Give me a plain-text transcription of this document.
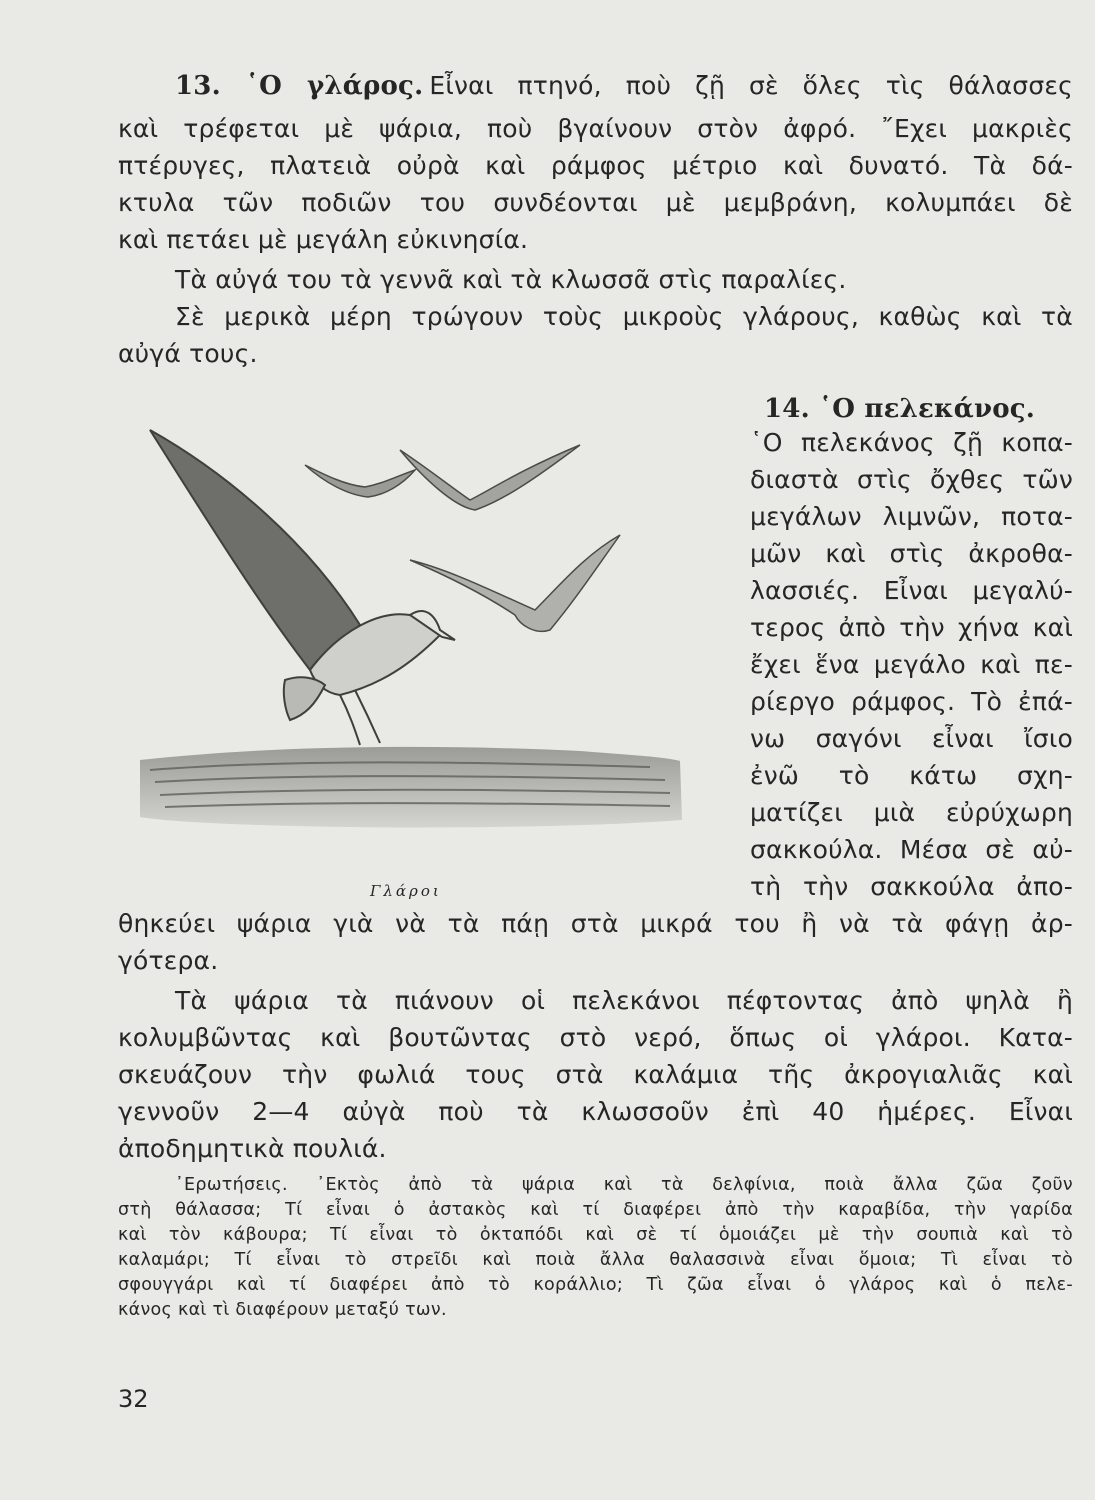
13. ῾Ο γλάρος. Εἶναι πτηνό, ποὺ ζῇ σὲ ὅλες τὶς θάλασσες
καὶ τρέφεται μὲ ψάρια, ποὺ βγαίνουν στὸν ἀφρό. ῎Εχει μακριὲς
πτέρυγες, πλατειὰ οὐρὰ καὶ ράμφος μέτριο καὶ δυνατό. Τὰ δά-
κτυλα τῶν ποδιῶν του συνδέονται μὲ μεμβράνη, κολυμπάει δὲ
καὶ πετάει μὲ μεγάλη εὐκινησία.
Τὰ αὐγά του τὰ γεννᾶ καὶ τὰ κλωσσᾶ στὶς παραλίες.
Σὲ μερικὰ μέρη τρώγουν τοὺς μικροὺς γλάρους, καθὼς καὶ τὰ
αὐγά τους.
14. ῾Ο πελεκάνος.
Γλάροι
῾Ο πελεκάνος ζῇ κοπα-
διαστὰ στὶς ὄχθες τῶν
μεγάλων λιμνῶν, ποτα-
μῶν καὶ στὶς ἀκροθα-
λασσιές. Εἶναι μεγαλύ-
τερος ἀπὸ τὴν χήνα καὶ
ἔχει ἕνα μεγάλο καὶ πε-
ρίεργο ράμφος. Τὸ ἐπά-
νω σαγόνι εἶναι ἴσιο
ἐνῶ τὸ κάτω σχη-
ματίζει μιὰ εὐρύχωρη
σακκούλα. Μέσα σὲ αὐ-
τὴ τὴν σακκούλα ἀπο-
θηκεύει ψάρια γιὰ νὰ τὰ πάῃ στὰ μικρά του ἢ νὰ τὰ φάγῃ ἀρ-
γότερα.
Τὰ ψάρια τὰ πιάνουν οἱ πελεκάνοι πέφτοντας ἀπὸ ψηλὰ ἢ
κολυμβῶντας καὶ βουτῶντας στὸ νερό, ὅπως οἱ γλάροι. Κατα-
σκευάζουν τὴν φωλιά τους στὰ καλάμια τῆς ἀκρογιαλιᾶς καὶ
γεννοῦν 2—4 αὐγὰ ποὺ τὰ κλωσσοῦν ἐπὶ 40 ἡμέρες. Εἶναι
ἀποδημητικὰ πουλιά.
᾿Ερωτήσεις. ᾿Εκτὸς ἀπὸ τὰ ψάρια καὶ τὰ δελφίνια, ποιὰ ἄλλα ζῶα ζοῦν
στὴ θάλασσα; Τί εἶναι ὁ ἀστακὸς καὶ τί διαφέρει ἀπὸ τὴν καραβίδα, τὴν γαρίδα
καὶ τὸν κάβουρα; Τί εἶναι τὸ ὀκταπόδι καὶ σὲ τί ὁμοιάζει μὲ τὴν σουπιὰ καὶ τὸ
καλαμάρι; Τί εἶναι τὸ στρεῖδι καὶ ποιὰ ἄλλα θαλασσινὰ εἶναι ὅμοια; Τὶ εἶναι τὸ
σφουγγάρι καὶ τί διαφέρει ἀπὸ τὸ κοράλλιο; Τὶ ζῶα εἶναι ὁ γλάρος καὶ ὁ πελε-
κάνος καὶ τὶ διαφέρουν μεταξύ των.
32
